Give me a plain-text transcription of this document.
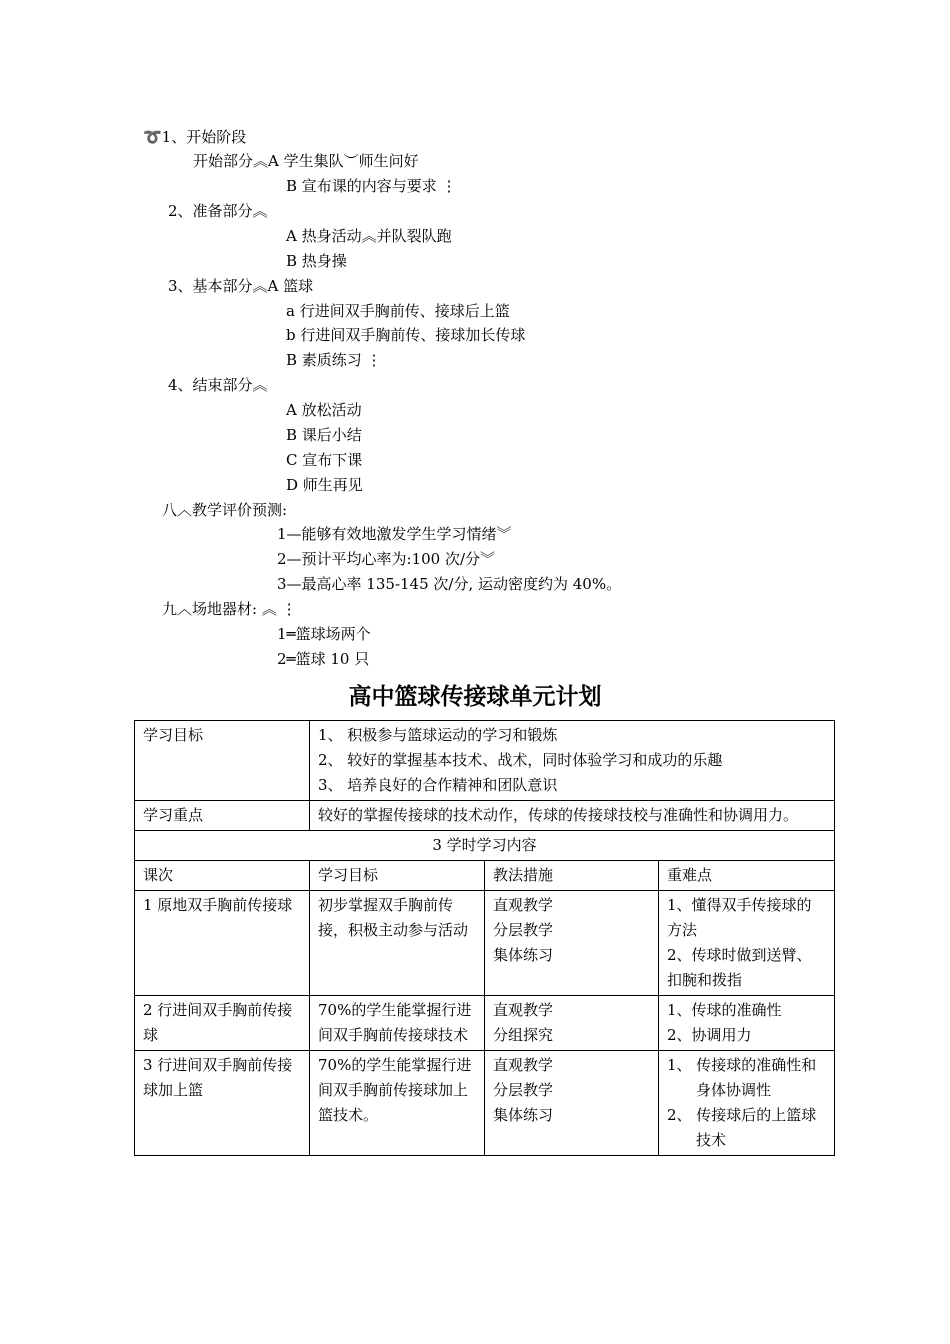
➰1、开始阶段
开始部分︽A 学生集队︶师生问好
B 宣布课的内容与要求 ⋮
2、准备部分︽
A 热身活动︽并队裂队跑
B 热身操
3、基本部分︽A 篮球
a 行进间双手胸前传、接球后上篮
b 行进间双手胸前传、接球加长传球
B 素质练习 ⋮
4、结束部分︽
A 放松活动
B 课后小结
C 宣布下课
D 师生再见
八︿教学评价预测:
1—能够有效地激发学生学习情绪︾
2—预计平均心率为:100 次/分︾
3—最高心率 135-145 次/分, 运动密度约为 40%。
九︿场地器材: ︽ ⋮
1═篮球场两个
2═篮球 10 只
高中篮球传接球单元计划
学习目标	1、 积极参与篮球运动的学习和锻炼
2、 较好的掌握基本技术、战术，同时体验学习和成功的乐趣
3、 培养良好的合作精神和团队意识		

学习重点	较好的掌握传接球的技术动作，传球的传接球技校与准确性和协调用力。		
3 学时学习内容			
课次	学习目标	教法措施	重难点
1 原地双手胸前传接球	初步掌握双手胸前传接，积极主动参与活动	直观教学
分层教学
集体练习	1、懂得双手传接球的方法
2、传球时做到送臂、扣腕和拨指

2 行进间双手胸前传接球	70%的学生能掌握行进间双手胸前传接球技术	直观教学
分组探究	1、传球的准确性
2、协调用力

3 行进间双手胸前传接球加上篮	70%的学生能掌握行进间双手胸前传接球加上篮技术。	直观教学
分层教学
集体练习	1、 传接球的准确性和身体协调性
2、 传接球后的上篮球技术
